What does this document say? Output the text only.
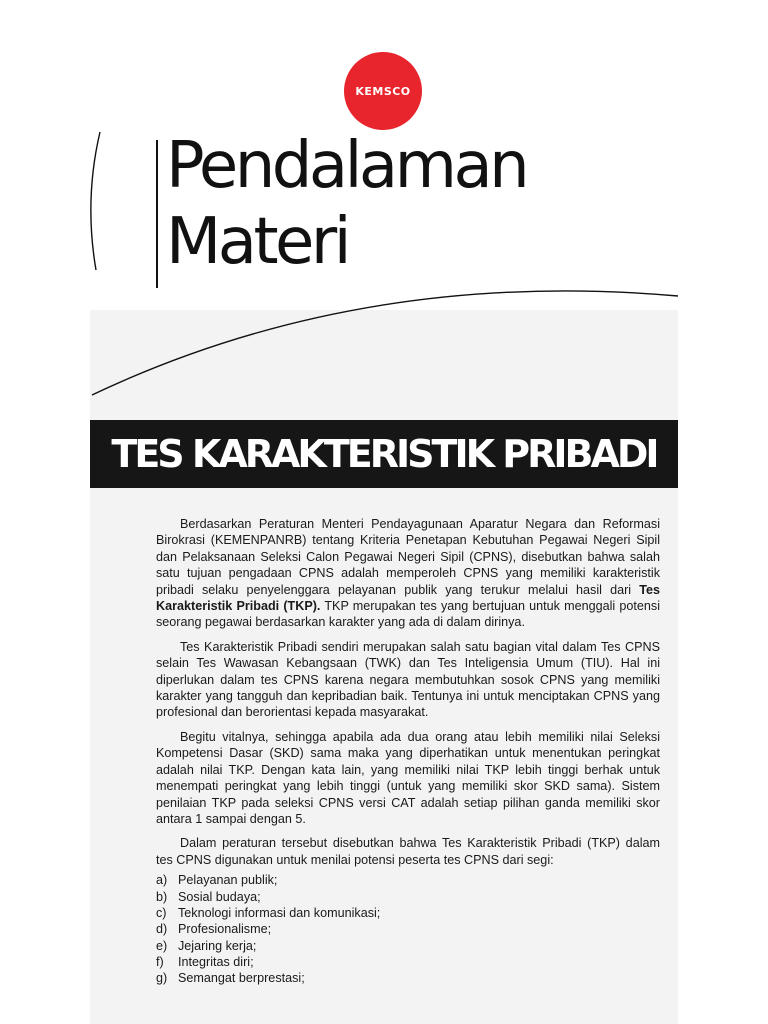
KEMSCO
Pendalaman
Materi
TES KARAKTERISTIK PRIBADI

Berdasarkan Peraturan Menteri Pendayagunaan Aparatur Negara dan Reformasi Birokrasi (KEMENPANRB) tentang Kriteria Penetapan Kebutuhan Pegawai Negeri Sipil dan Pelaksanaan Seleksi Calon Pegawai Negeri Sipil (CPNS), disebutkan bahwa salah satu tujuan pengadaan CPNS adalah memperoleh CPNS yang memiliki karakteristik pribadi selaku penyelenggara pelayanan publik yang terukur melalui hasil dari Tes Karakteristik Pribadi (TKP). TKP merupakan tes yang bertujuan untuk menggali potensi seorang pegawai berdasarkan karakter yang ada di dalam dirinya.

Tes Karakteristik Pribadi sendiri merupakan salah satu bagian vital dalam Tes CPNS selain Tes Wawasan Kebangsaan (TWK) dan Tes Inteligensia Umum (TIU). Hal ini diperlukan dalam tes CPNS karena negara membutuhkan sosok CPNS yang memiliki karakter yang tangguh dan kepribadian baik. Tentunya ini untuk menciptakan CPNS yang profesional dan berorientasi kepada masyarakat.

Begitu vitalnya, sehingga apabila ada dua orang atau lebih memiliki nilai Seleksi Kompetensi Dasar (SKD) sama maka yang diperhatikan untuk menentukan peringkat adalah nilai TKP. Dengan kata lain, yang memiliki nilai TKP lebih tinggi berhak untuk menempati peringkat yang lebih tinggi (untuk yang memiliki skor SKD sama). Sistem penilaian TKP pada seleksi CPNS versi CAT adalah setiap pilihan ganda memiliki skor antara 1 sampai dengan 5.

Dalam peraturan tersebut disebutkan bahwa Tes Karakteristik Pribadi (TKP) dalam tes CPNS digunakan untuk menilai potensi peserta tes CPNS dari segi:

a) Pelayanan publik;
b) Sosial budaya;
c) Teknologi informasi dan komunikasi;
d) Profesionalisme;
e) Jejaring kerja;
f)	Integritas diri;
g) Semangat berprestasi;
